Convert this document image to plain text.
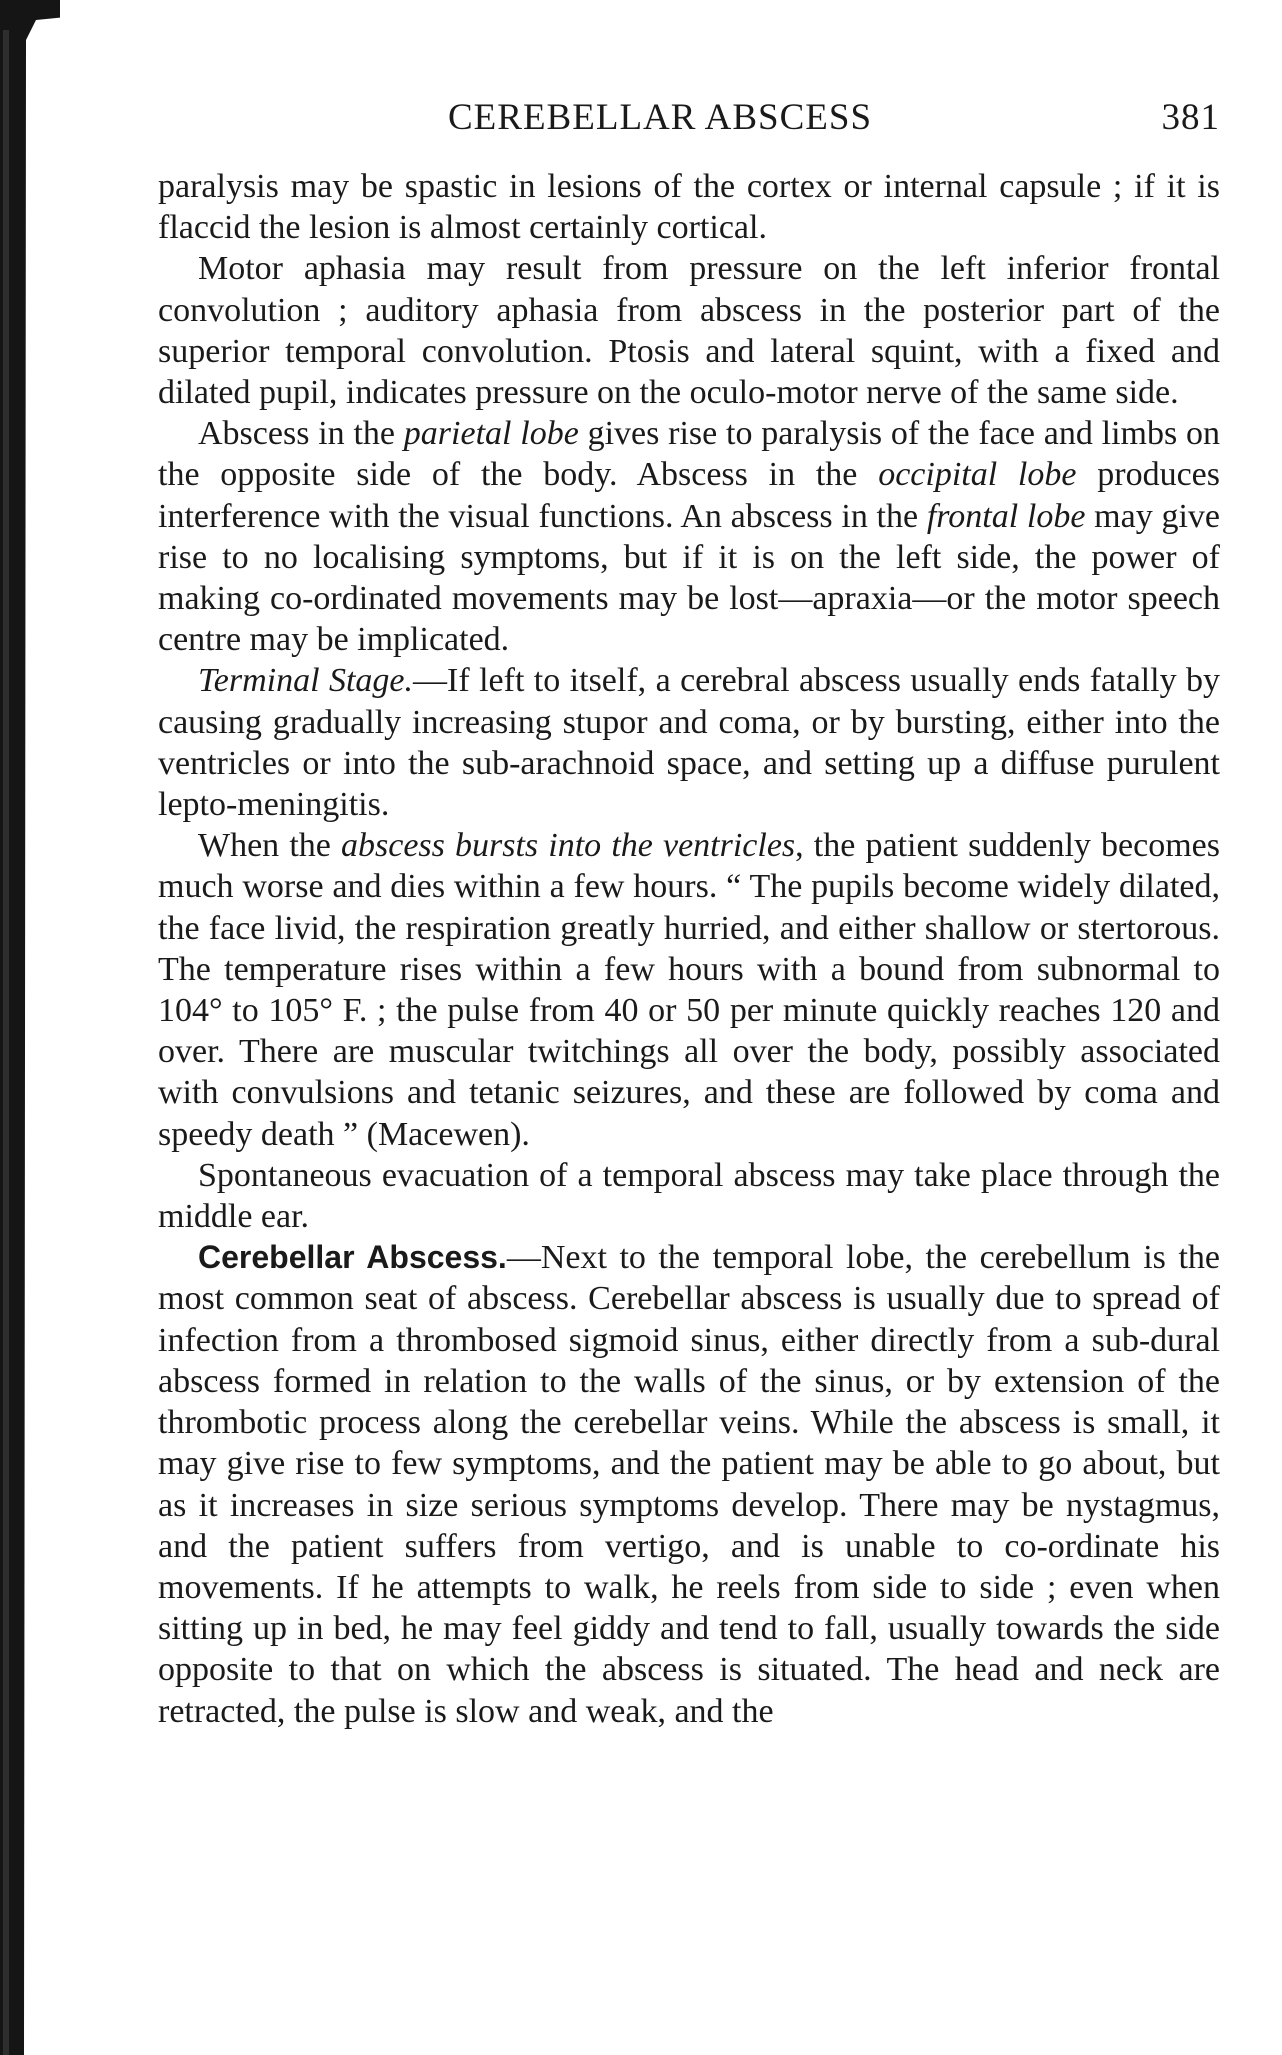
CEREBELLAR ABSCESS	381

paralysis may be spastic in lesions of the cortex or internal capsule ; if it is flaccid the lesion is almost certainly cortical.

Motor aphasia may result from pressure on the left inferior frontal convolution ; auditory aphasia from abscess in the posterior part of the superior temporal convolution. Ptosis and lateral squint, with a fixed and dilated pupil, indicates pressure on the oculo-motor nerve of the same side.

Abscess in the parietal lobe gives rise to paralysis of the face and limbs on the opposite side of the body. Abscess in the occipital lobe produces interference with the visual functions. An abscess in the frontal lobe may give rise to no localising symptoms, but if it is on the left side, the power of making co-ordinated movements may be lost—apraxia—or the motor speech centre may be implicated.

Terminal Stage.—If left to itself, a cerebral abscess usually ends fatally by causing gradually increasing stupor and coma, or by bursting, either into the ventricles or into the sub-arachnoid space, and setting up a diffuse purulent lepto-meningitis.

When the abscess bursts into the ventricles, the patient suddenly becomes much worse and dies within a few hours. “ The pupils become widely dilated, the face livid, the respiration greatly hurried, and either shallow or stertorous. The temperature rises within a few hours with a bound from subnormal to 104° to 105° F. ; the pulse from 40 or 50 per minute quickly reaches 120 and over. There are muscular twitchings all over the body, possibly associated with convulsions and tetanic seizures, and these are followed by coma and speedy death ” (Macewen).

Spontaneous evacuation of a temporal abscess may take place through the middle ear.

Cerebellar Abscess.—Next to the temporal lobe, the cerebellum is the most common seat of abscess. Cerebellar abscess is usually due to spread of infection from a thrombosed sigmoid sinus, either directly from a sub-dural abscess formed in relation to the walls of the sinus, or by extension of the thrombotic process along the cerebellar veins. While the abscess is small, it may give rise to few symptoms, and the patient may be able to go about, but as it increases in size serious symptoms develop. There may be nystagmus, and the patient suffers from vertigo, and is unable to co-ordinate his movements. If he attempts to walk, he reels from side to side ; even when sitting up in bed, he may feel giddy and tend to fall, usually towards the side opposite to that on which the abscess is situated. The head and neck are retracted, the pulse is slow and weak, and the
